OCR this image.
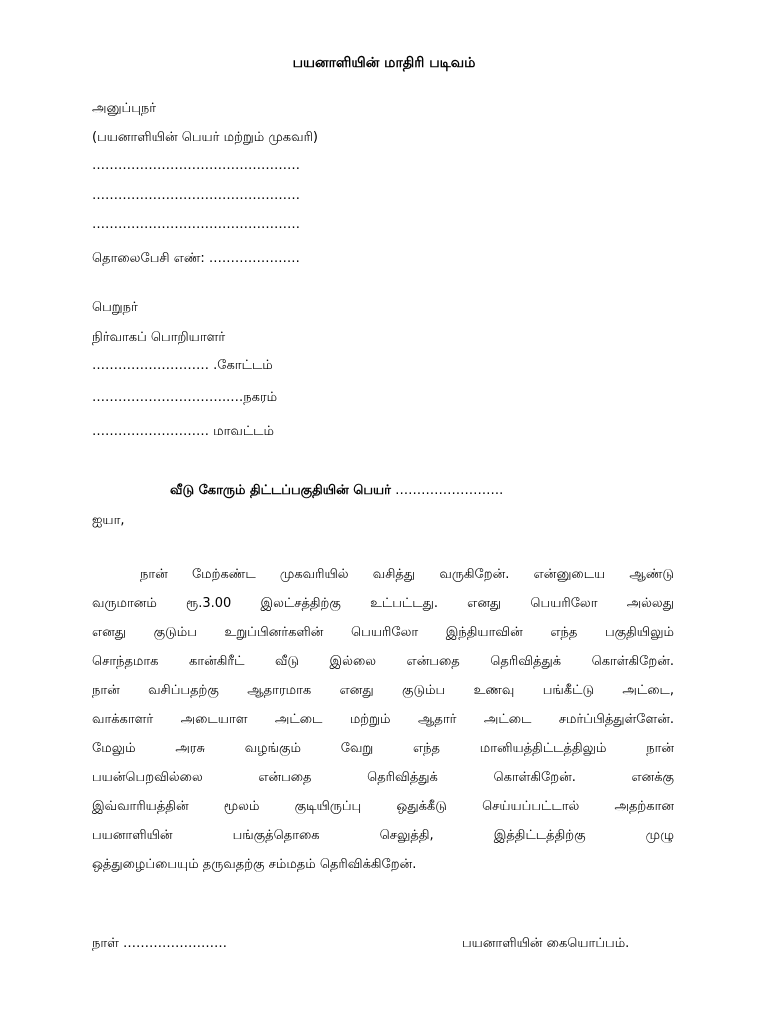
பயனாளியின் மாதிரி படிவம்
அனுப்புநர்
(பயனாளியின் பெயர் மற்றும் முகவரி)
…………………………………………
…………………………………………
…………………………………………
தொலைபேசி எண்: …………………
பெறுநர்
நிர்வாகப் பொறியாளர்
……………………… .கோட்டம்
…………………………..…நகரம்
……………………… மாவட்டம்
வீடு கோரும் திட்டப்பகுதியின் பெயர் …………………….
ஐயா,
நான் மேற்கண்ட முகவரியில் வசித்து வருகிறேன். என்னுடைய ஆண்டு
வருமானம் ரூ.3.00 இலட்சத்திற்கு உட்பட்டது. எனது பெயரிலோ அல்லது
எனது குடும்ப உறுப்பினர்களின் பெயரிலோ இந்தியாவின் எந்த பகுதியிலும்
சொந்தமாக கான்கிரீட் வீடு இல்லை என்பதை தெரிவித்துக் கொள்கிறேன்.
நான் வசிப்பதற்கு ஆதாரமாக எனது குடும்ப உணவு பங்கீட்டு அட்டை,
வாக்காளர் அடையாள அட்டை மற்றும் ஆதார் அட்டை சமர்ப்பித்துள்ளேன்.
மேலும் அரசு வழங்கும் வேறு எந்த மானியத்திட்டத்திலும் நான்
பயன்பெறவில்லை என்பதை தெரிவித்துக் கொள்கிறேன். எனக்கு
இவ்வாரியத்தின் மூலம் குடியிருப்பு ஒதுக்கீடு செய்யப்பட்டால் அதற்கான
பயனாளியின் பங்குத்தொகை செலுத்தி, இத்திட்டத்திற்கு முழு
ஒத்துழைப்பையும் தருவதற்கு சம்மதம் தெரிவிக்கிறேன்.
நாள் ……………………	பயனாளியின் கையொப்பம்.
